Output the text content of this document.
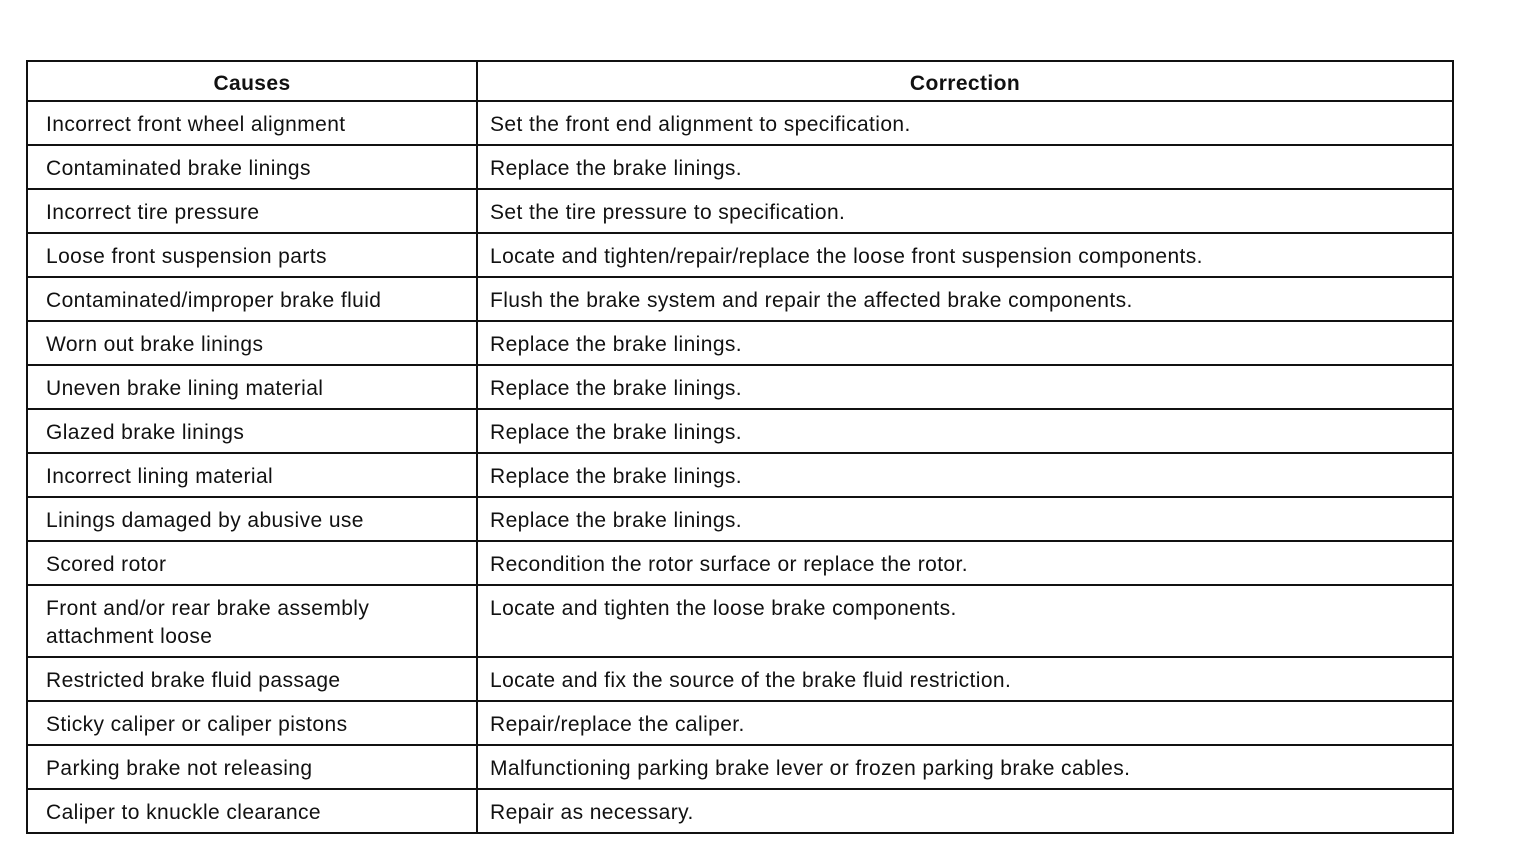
Causes	Correction
Incorrect front wheel alignment	Set the front end alignment to specification.
Contaminated brake linings	Replace the brake linings.
Incorrect tire pressure	Set the tire pressure to specification.
Loose front suspension parts	Locate and tighten/repair/replace the loose front suspension components.
Contaminated/improper brake fluid	Flush the brake system and repair the affected brake components.
Worn out brake linings	Replace the brake linings.
Uneven brake lining material	Replace the brake linings.
Glazed brake linings	Replace the brake linings.
Incorrect lining material	Replace the brake linings.
Linings damaged by abusive use	Replace the brake linings.
Scored rotor	Recondition the rotor surface or replace the rotor.
Front and/or rear brake assembly attachment loose	Locate and tighten the loose brake components.
Restricted brake fluid passage	Locate and fix the source of the brake fluid restriction.
Sticky caliper or caliper pistons	Repair/replace the caliper.
Parking brake not releasing	Malfunctioning parking brake lever or frozen parking brake cables.
Caliper to knuckle clearance	Repair as necessary.
